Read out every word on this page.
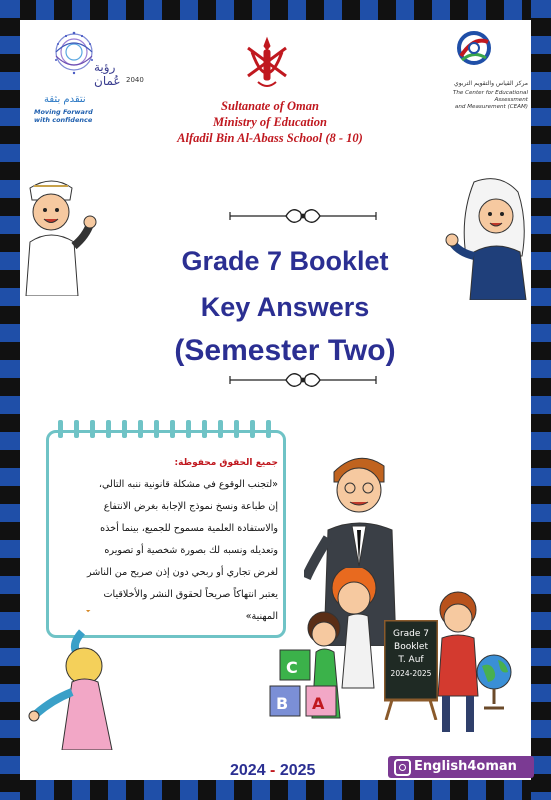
رؤية عُمان 2040
نتقدم بثقة
Moving Forward
with confidence
Sultanate of Oman
Ministry of Education
Alfadil Bin Al-Abass School (8 - 10)
مركز القياس والتقويم التربوي
The Center for Educational Assessment
and Measurement (CEAM)
Grade 7 Booklet
Key Answers
(Semester Two)
جميع الحقوق محفوظة:
«لتجنب الوقوع في مشكلة قانونية ننبه التالي،
إن طباعة ونسخ نموذج الإجابة بغرض الانتفاع
والاستفادة العلمية مسموح للجميع، بينما أخذه
وتعديله ونسبه لك بصورة شخصية أو تصويره
لغرض تجاري أو ربحي دون إذن صريح من الناشر
يعتبر انتهاكاً صريحاً لحقوق النشر والأخلاقيات
المهنية»
Grade 7
Booklet
T. Auf
2024-2025
C
B A
2024 - 2025	English4oman
